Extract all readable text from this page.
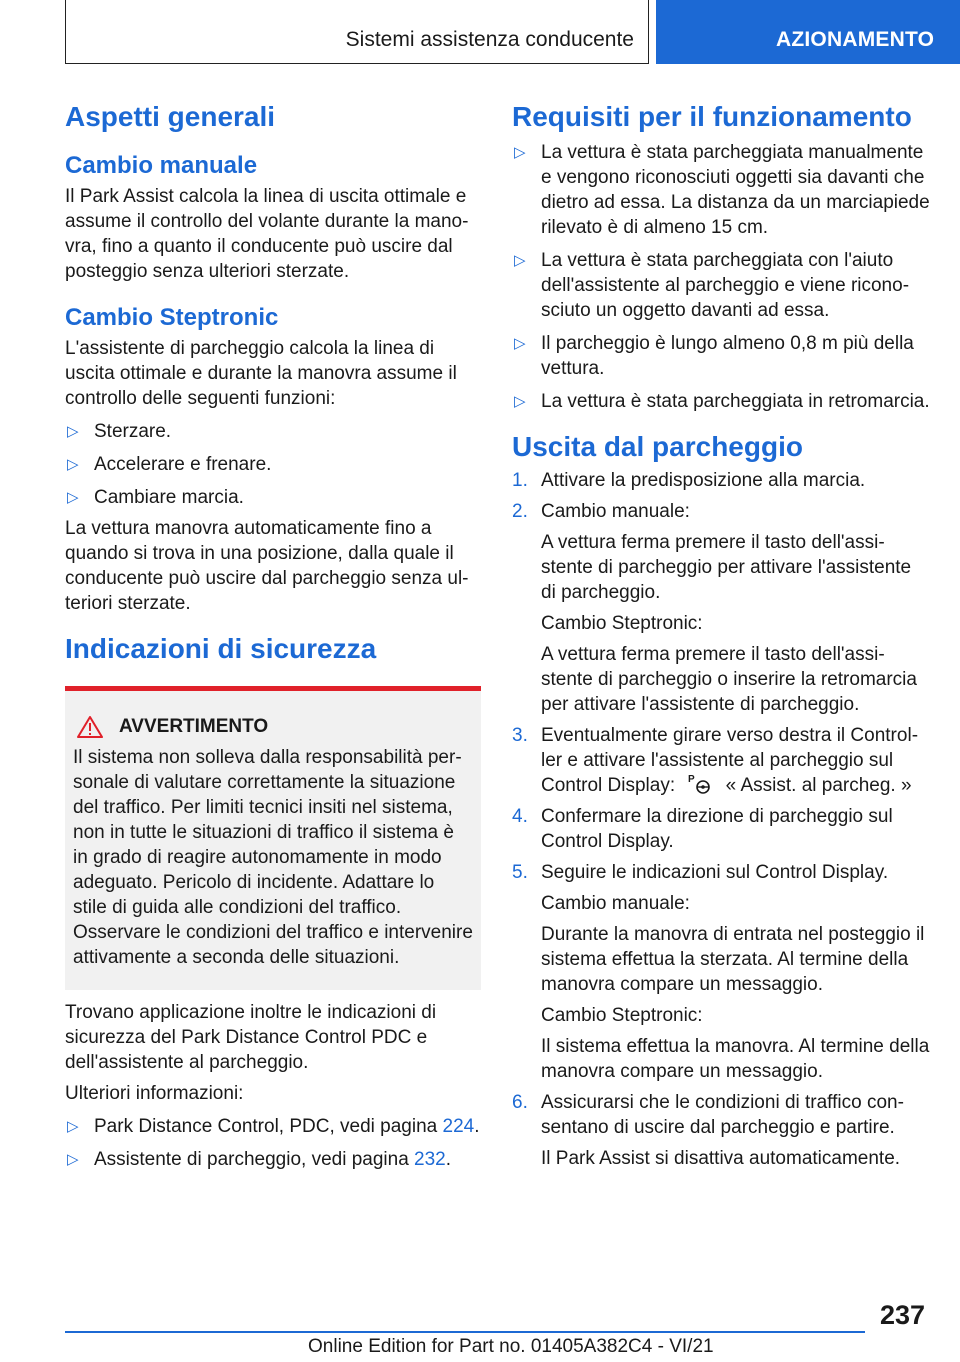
Sistemi assistenza conducente	AZIONAMENTO
Aspetti generali
Cambio manuale

Il Park Assist calcola la linea di uscita ottimale e assume il controllo del volante durante la manovra, fino a quanto il conducente può uscire dal posteggio senza ulteriori sterzate.

Cambio Steptronic

L'assistente di parcheggio calcola la linea di uscita ottimale e durante la manovra assume il controllo delle seguenti funzioni:

▷ Sterzare.
▷ Accelerare e frenare.
▷ Cambiare marcia.

La vettura manovra automaticamente fino a quando si trova in una posizione, dalla quale il conducente può uscire dal parcheggio senza ulteriori sterzate.

Indicazioni di sicurezza
AVVERTIMENTO

Il sistema non solleva dalla responsabilità personale di valutare correttamente la situazione del traffico. Per limiti tecnici insiti nel sistema, non in tutte le situazioni di traffico il sistema è in grado di reagire autonomamente in modo adeguato. Pericolo di incidente. Adattare lo stile di guida alle condizioni del traffico. Osservare le condizioni del traffico e intervenire attivamente a seconda delle situazioni.

Trovano applicazione inoltre le indicazioni di sicurezza del Park Distance Control PDC e dell'assistente al parcheggio.

Ulteriori informazioni:

▷ Park Distance Control, PDC, vedi pagina 224.
▷ Assistente di parcheggio, vedi pagina 232.
Requisiti per il funzionamento
▷ La vettura è stata parcheggiata manualmente e vengono riconosciuti oggetti sia davanti che dietro ad essa. La distanza da un marciapiede rilevato è di almeno 15 cm.
▷ La vettura è stata parcheggiata con l'aiuto dell'assistente al parcheggio e viene riconosciuto un oggetto davanti ad essa.
▷ Il parcheggio è lungo almeno 0,8 m più della vettura.
▷ La vettura è stata parcheggiata in retromarcia.
Uscita dal parcheggio
1. Attivare la predisposizione alla marcia.
2. Cambio manuale:
A vettura ferma premere il tasto dell'assistente di parcheggio per attivare l'assistente di parcheggio.
Cambio Steptronic:
A vettura ferma premere il tasto dell'assistente di parcheggio o inserire la retromarcia per attivare l'assistente di parcheggio.
3. Eventualmente girare verso destra il Controller e attivare l'assistente al parcheggio sul Control Display: P « Assist. al parcheg. »
4. Confermare la direzione di parcheggio sul Control Display.
5. Seguire le indicazioni sul Control Display.
Cambio manuale:
Durante la manovra di entrata nel posteggio il sistema effettua la sterzata. Al termine della manovra compare un messaggio.
Cambio Steptronic:
Il sistema effettua la manovra. Al termine della manovra compare un messaggio.
6. Assicurarsi che le condizioni di traffico consentano di uscire dal parcheggio e partire.
Il Park Assist si disattiva automaticamente.
237
Online Edition for Part no. 01405A382C4 - VI/21
